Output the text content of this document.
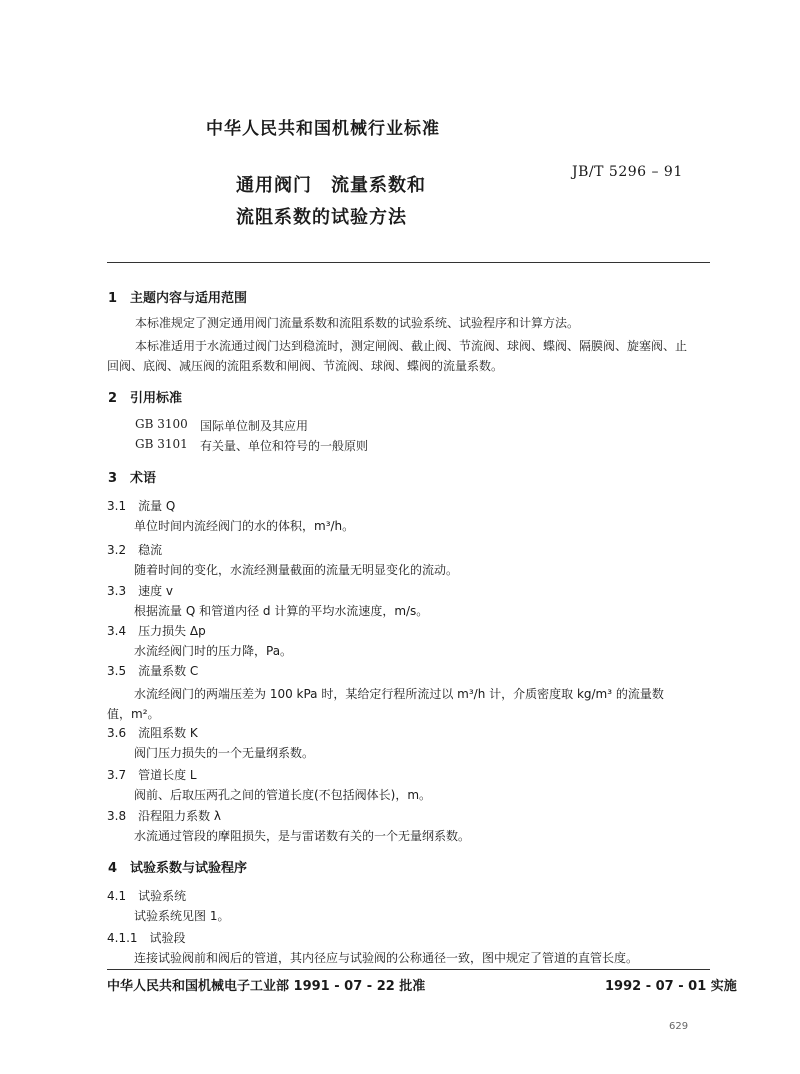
中华人民共和国机械行业标准
JB/T 5296 – 91
通用阀门　流量系数和
流阻系数的试验方法
1　主题内容与适用范围
本标准规定了测定通用阀门流量系数和流阻系数的试验系统、试验程序和计算方法。
本标准适用于水流通过阀门达到稳流时，测定闸阀、截止阀、节流阀、球阀、蝶阀、隔膜阀、旋塞阀、止
回阀、底阀、减压阀的流阻系数和闸阀、节流阀、球阀、蝶阀的流量系数。
2　引用标准
GB 3100 国际单位制及其应用
GB 3101 有关量、单位和符号的一般原则
3　术语
3.1　流量 Q
单位时间内流经阀门的水的体积，m³/h。
3.2　稳流
随着时间的变化，水流经测量截面的流量无明显变化的流动。
3.3　速度 v
根据流量 Q 和管道内径 d 计算的平均水流速度，m/s。
3.4　压力损失 Δp
水流经阀门时的压力降，Pa。
3.5　流量系数 C
水流经阀门的两端压差为 100 kPa 时，某给定行程所流过以 m³/h 计，介质密度取 kg/m³ 的流量数
值，m²。
3.6　流阻系数 K
阀门压力损失的一个无量纲系数。
3.7　管道长度 L
阀前、后取压两孔之间的管道长度(不包括阀体长)，m。
3.8　沿程阻力系数 λ
水流通过管段的摩阻损失，是与雷诺数有关的一个无量纲系数。
4　试验系数与试验程序
4.1　试验系统
试验系统见图 1。
4.1.1　试验段
连接试验阀前和阀后的管道，其内径应与试验阀的公称通径一致，图中规定了管道的直管长度。
中华人民共和国机械电子工业部 1991 - 07 - 22 批准	1992 - 07 - 01 实施
629
